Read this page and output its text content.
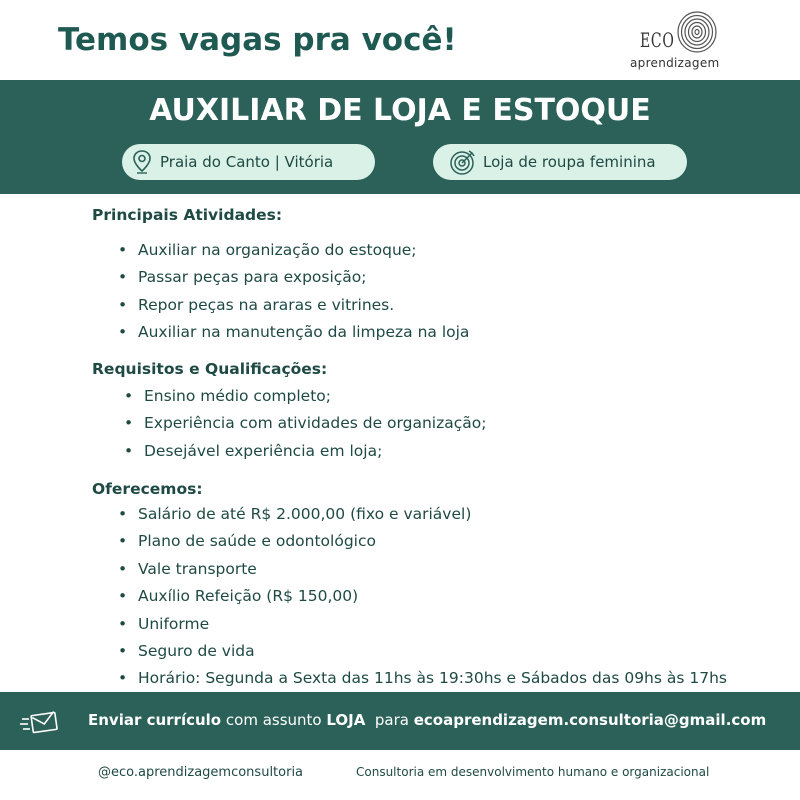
Temos vagas pra você!	ECO
aprendizagem
AUXILIAR DE LOJA E ESTOQUE
Praia do Canto | Vitória	Loja de roupa feminina
Principais Atividades:
• Auxiliar na organização do estoque;
• Passar peças para exposição;
• Repor peças na araras e vitrines.
• Auxiliar na manutenção da limpeza na loja
Requisitos e Qualificações:
• Ensino médio completo;
• Experiência com atividades de organização;
• Desejável experiência em loja;
Oferecemos:
• Salário de até R$ 2.000,00 (fixo e variável)
• Plano de saúde e odontológico
• Vale transporte
• Auxílio Refeição (R$ 150,00)
• Uniforme
• Seguro de vida
• Horário: Segunda a Sexta das 11hs às 19:30hs e Sábados das 09hs às 17hs
Enviar currículo com assunto LOJA  para ecoaprendizagem.consultoria@gmail.com
@eco.aprendizagemconsultoria	Consultoria em desenvolvimento humano e organizacional
